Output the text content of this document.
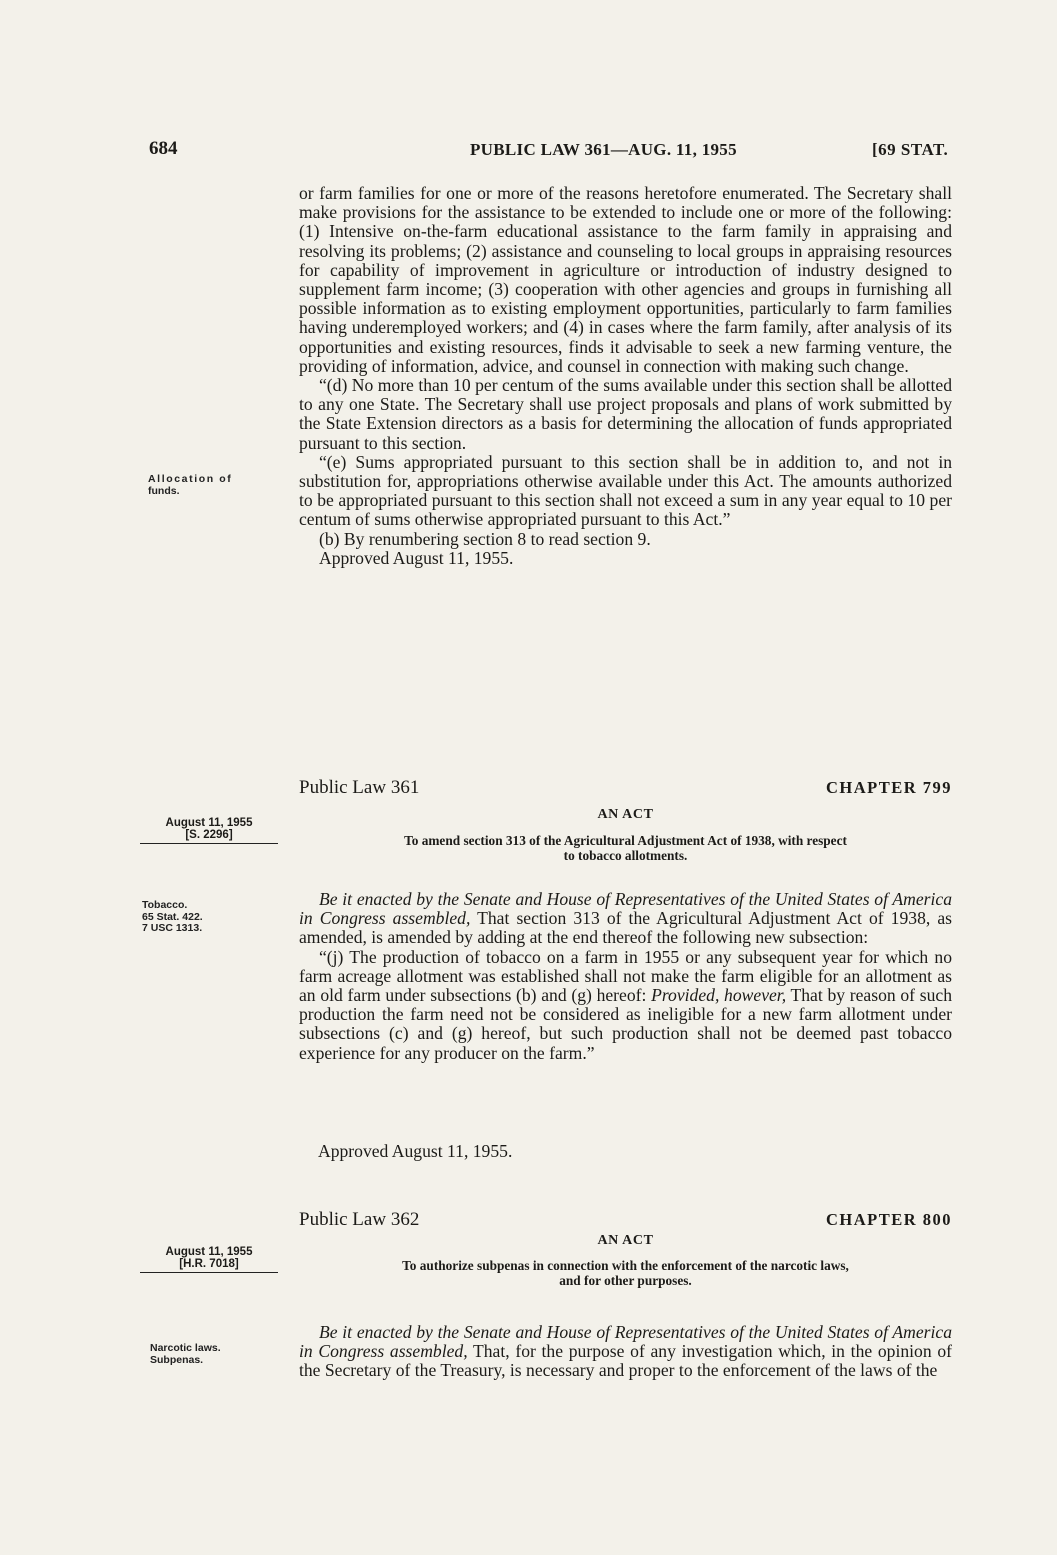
684	PUBLIC LAW 361—AUG. 11, 1955	[69 STAT.

or farm families for one or more of the reasons heretofore enumerated. The Secretary shall make provisions for the assistance to be extended to include one or more of the following: (1) Intensive on-the-farm educational assistance to the farm family in appraising and resolving its problems; (2) assistance and counseling to local groups in appraising resources for capability of improvement in agriculture or introduction of industry designed to supplement farm income; (3) cooperation with other agencies and groups in furnishing all possible information as to existing employment opportunities, particularly to farm families having underemployed workers; and (4) in cases where the farm family, after analysis of its opportunities and existing resources, finds it advisable to seek a new farming venture, the providing of information, advice, and counsel in connection with making such change.

“(d) No more than 10 per centum of the sums available under this section shall be allotted to any one State. The Secretary shall use project proposals and plans of work submitted by the State Extension directors as a basis for determining the allocation of funds appropriated pursuant to this section.

“(e) Sums appropriated pursuant to this section shall be in addition to, and not in substitution for, appropriations otherwise available under this Act. The amounts authorized to be appropriated pursuant to this section shall not exceed a sum in any year equal to 10 per centum of sums otherwise appropriated pursuant to this Act.”

(b) By renumbering section 8 to read section 9.

Approved August 11, 1955.

Allocation of
funds.
Public Law 361	CHAPTER 799
AN ACT
August 11, 1955
[S. 2296]	To amend section 313 of the Agricultural Adjustment Act of 1938, with respect
to tobacco allotments.
Tobacco.
65 Stat. 422.
7 USC 1313.

Be it enacted by the Senate and House of Representatives of the United States of America in Congress assembled, That section 313 of the Agricultural Adjustment Act of 1938, as amended, is amended by adding at the end thereof the following new subsection:

“(j) The production of tobacco on a farm in 1955 or any subsequent year for which no farm acreage allotment was established shall not make the farm eligible for an allotment as an old farm under subsections (b) and (g) hereof: Provided, however, That by reason of such production the farm need not be considered as ineligible for a new farm allotment under subsections (c) and (g) hereof, but such production shall not be deemed past tobacco experience for any producer on the farm.”

Approved August 11, 1955.
Public Law 362	CHAPTER 800
AN ACT
August 11, 1955
[H.R. 7018]	To authorize subpenas in connection with the enforcement of the narcotic laws,
and for other purposes.
Narcotic laws.
Subpenas.

Be it enacted by the Senate and House of Representatives of the United States of America in Congress assembled, That, for the purpose of any investigation which, in the opinion of the Secretary of the Treasury, is necessary and proper to the enforcement of the laws of the
